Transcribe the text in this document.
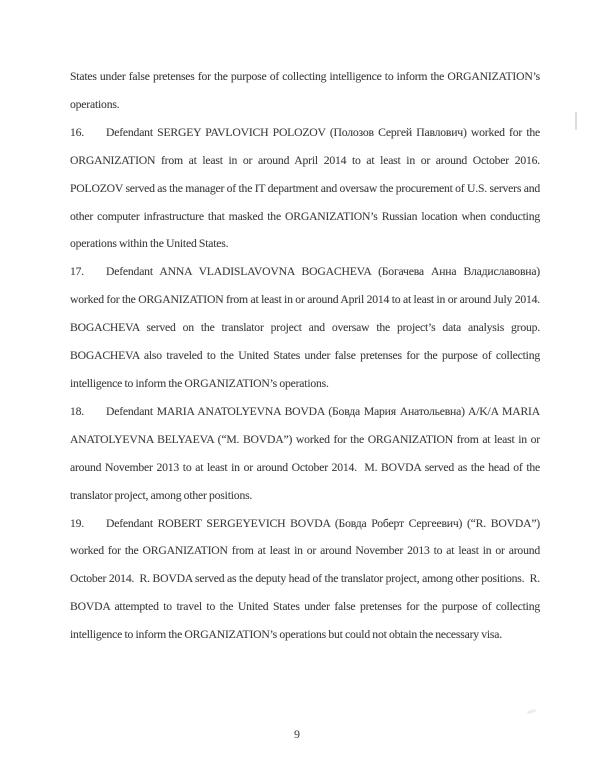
States under false pretenses for the purpose of collecting intelligence to inform the ORGANIZATION’s operations.

16. Defendant SERGEY PAVLOVICH POLOZOV (Полозов Сергей Павлович) worked for the ORGANIZATION from at least in or around April 2014 to at least in or around October 2016.  POLOZOV served as the manager of the IT department and oversaw the procurement of U.S. servers and other computer infrastructure that masked the ORGANIZATION’s Russian location when conducting operations within the United States.

17. Defendant ANNA VLADISLAVOVNA BOGACHEVA (Богачева Анна Владиславовна) worked for the ORGANIZATION from at least in or around April 2014 to at least in or around July 2014.  BOGACHEVA served on the translator project and oversaw the project’s data analysis group.  BOGACHEVA also traveled to the United States under false pretenses for the purpose of collecting intelligence to inform the ORGANIZATION’s operations.

18. Defendant MARIA ANATOLYEVNA BOVDA (Бовда Мария Анатольевна) A/K/A MARIA ANATOLYEVNA BELYAEVA (“M. BOVDA”) worked for the ORGANIZATION from at least in or around November 2013 to at least in or around October 2014.  M. BOVDA served as the head of the translator project, among other positions.

19. Defendant ROBERT SERGEYEVICH BOVDA (Бовда Роберт Сергеевич) (“R. BOVDA”) worked for the ORGANIZATION from at least in or around November 2013 to at least in or around October 2014.  R. BOVDA served as the deputy head of the translator project, among other positions.  R. BOVDA attempted to travel to the United States under false pretenses for the purpose of collecting intelligence to inform the ORGANIZATION’s operations but could not obtain the necessary visa.

9
